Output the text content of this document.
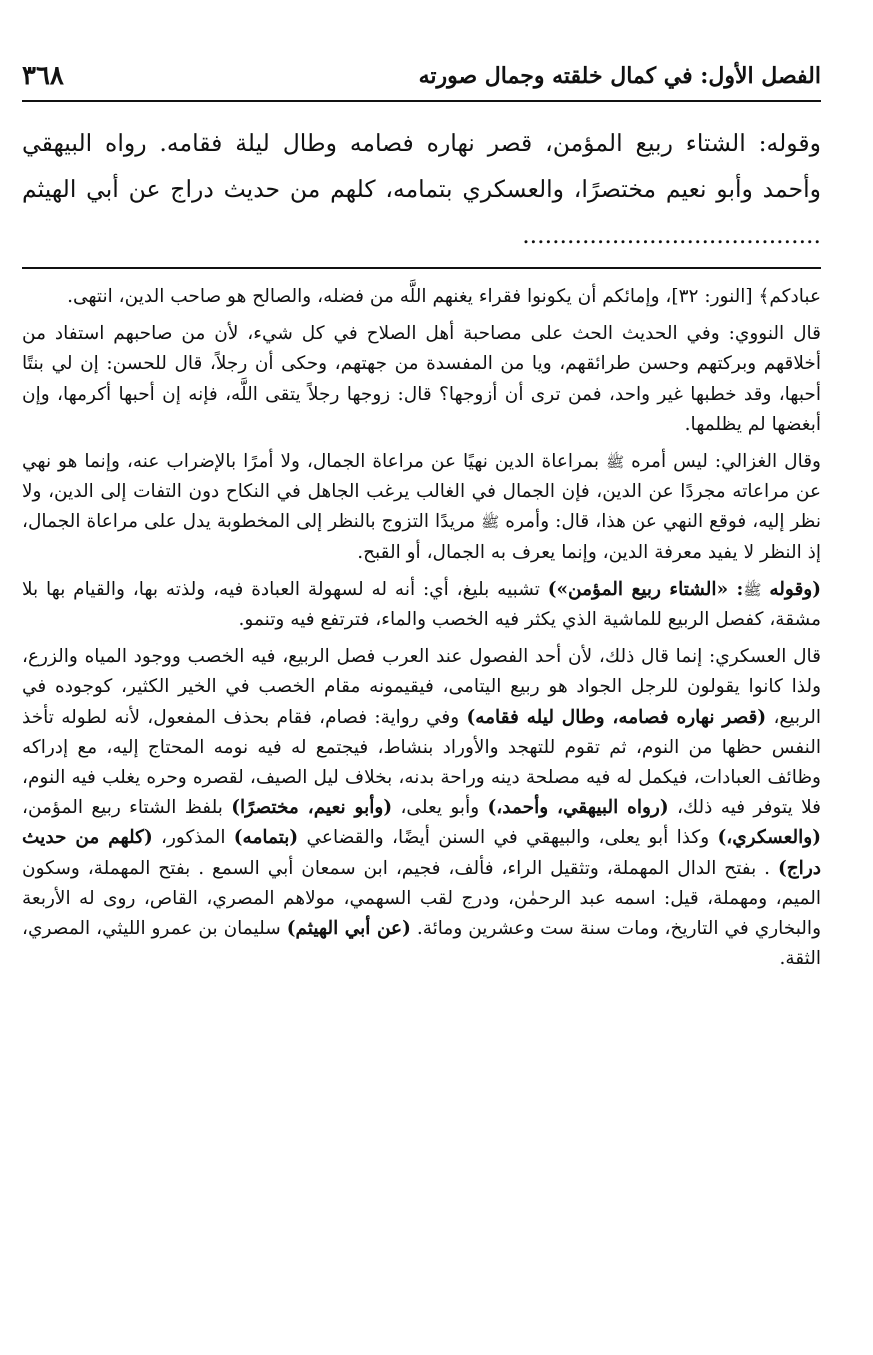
الفصل الأول: في كمال خلقته وجمال صورته
٣٦٨

وقوله: الشتاء ربيع المؤمن، قصر نهاره فصامه وطال ليلة فقامه. رواه البيهقي وأحمد وأبو نعيم مختصرًا، والعسكري بتمامه، كلهم من حديث دراج عن أبي الهيثم ........................................

عبادكم﴾ [النور: ٣٢]، وإمائكم أن يكونوا فقراء يغنهم اللَّه من فضله، والصالح هو صاحب الدين، انتهى.

قال النووي: وفي الحديث الحث على مصاحبة أهل الصلاح في كل شيء، لأن من صاحبهم استفاد من أخلاقهم وبركتهم وحسن طرائقهم، ويا من المفسدة من جهتهم، وحكى أن رجلاً، قال للحسن: إن لي بنتًا أحبها، وقد خطبها غير واحد، فمن ترى أن أزوجها؟ قال: زوجها رجلاً يتقى اللَّه، فإنه إن أحبها أكرمها، وإن أبغضها لم يظلمها.

وقال الغزالي: ليس أمره ﷺ بمراعاة الدين نهيًا عن مراعاة الجمال، ولا أمرًا بالإضراب عنه، وإنما هو نهي عن مراعاته مجردًا عن الدين، فإن الجمال في الغالب يرغب الجاهل في النكاح دون التفات إلى الدين، ولا نظر إليه، فوقع النهي عن هذا، قال: وأمره ﷺ مريدًا التزوج بالنظر إلى المخطوبة يدل على مراعاة الجمال، إذ النظر لا يفيد معرفة الدين، وإنما يعرف به الجمال، أو القبح.

(وقوله ﷺ: «الشتاء ربيع المؤمن») تشبيه بليغ، أي: أنه له لسهولة العبادة فيه، ولذته بها، والقيام بها بلا مشقة، كفصل الربيع للماشية الذي يكثر فيه الخصب والماء، فترتفع فيه وتنمو.

قال العسكري: إنما قال ذلك، لأن أحد الفصول عند العرب فصل الربيع، فيه الخصب ووجود المياه والزرع، ولذا كانوا يقولون للرجل الجواد هو ربيع اليتامى، فيقيمونه مقام الخصب في الخير الكثير، كوجوده في الربيع، (قصر نهاره فصامه، وطال ليله فقامه) وفي رواية: فصام، فقام بحذف المفعول، لأنه لطوله تأخذ النفس حظها من النوم، ثم تقوم للتهجد والأوراد بنشاط، فيجتمع له فيه نومه المحتاج إليه، مع إدراكه وظائف العبادات، فيكمل له فيه مصلحة دينه وراحة بدنه، بخلاف ليل الصيف، لقصره وحره يغلب فيه النوم، فلا يتوفر فيه ذلك، (رواه البيهقي، وأحمد،) وأبو يعلى، (وأبو نعيم، مختصرًا) بلفظ الشتاء ربيع المؤمن، (والعسكري،) وكذا أبو يعلى، والبيهقي في السنن أيضًا، والقضاعي (بتمامه) المذكور، (كلهم من حديث دراج) . بفتح الدال المهملة، وتثقيل الراء، فألف، فجيم، ابن سمعان أبي السمع . بفتح المهملة، وسكون الميم، ومهملة، قيل: اسمه عبد الرحمٰن، ودرج لقب السهمي، مولاهم المصري، القاص، روى له الأربعة والبخاري في التاريخ، ومات سنة ست وعشرين ومائة. (عن أبي الهيثم) سليمان بن عمرو الليثي، المصري، الثقة.
